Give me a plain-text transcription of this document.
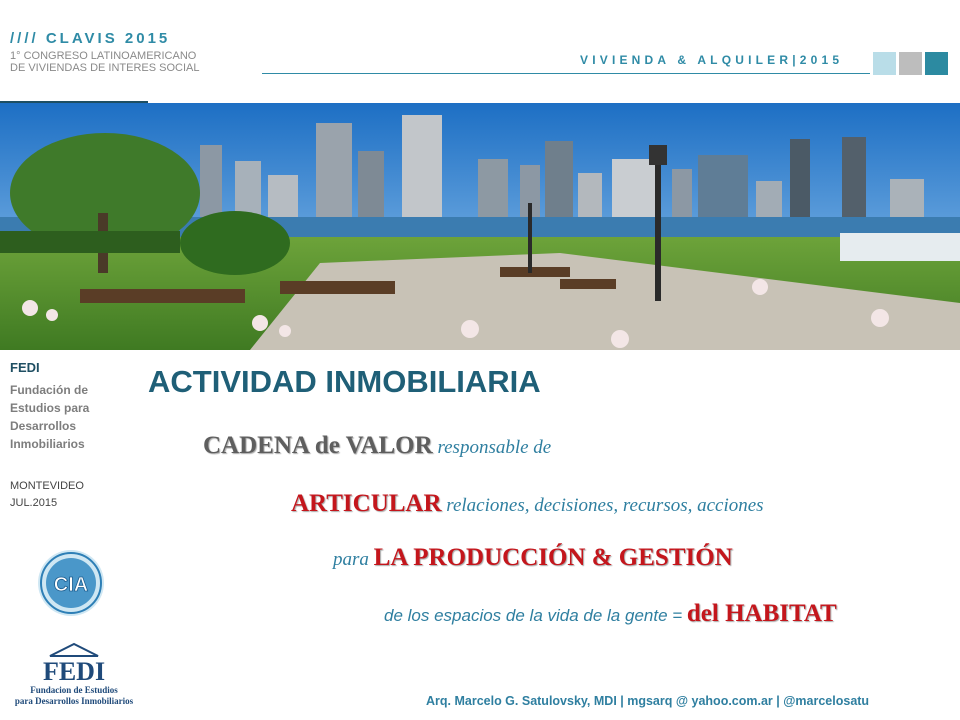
//// CLAVIS 2015
1° CONGRESO LATINOAMERICANO
DE VIVIENDAS DE INTERES SOCIAL
VIVIENDA & ALQUILER|2015
FEDI
Fundación de
Estudios para
Desarrollos
Inmobiliarios
MONTEVIDEO
JUL.2015
CIA
FEDI
Fundacion de Estudios
para Desarrollos Inmobiliarios
ACTIVIDAD INMOBILIARIA
CADENA de VALOR responsable de
ARTICULAR relaciones, decisiones, recursos, acciones
para LA PRODUCCIÓN & GESTIÓN
de los espacios de la vida de la gente = del HABITAT
Arq. Marcelo G. Satulovsky, MDI | mgsarq @ yahoo.com.ar | @marcelosatu
